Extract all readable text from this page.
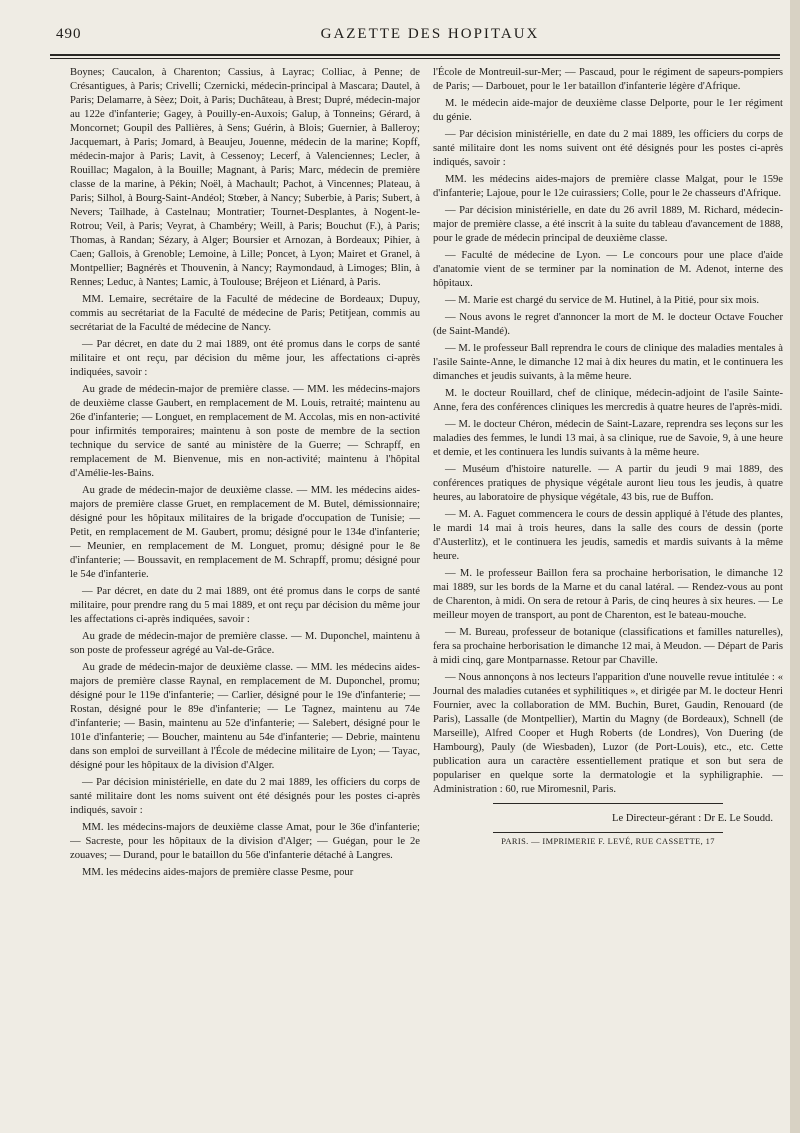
490	GAZETTE DES HOPITAUX

Boynes; Caucalon, à Charenton; Cassius, à Layrac; Colliac, à Penne; de Crésantigues, à Paris; Crivelli; Czernicki, médecin-principal à Mascara; Dautel, à Paris; Delamarre, à Sèez; Doit, à Paris; Duchâteau, à Brest; Dupré, médecin-major au 122e d'infanterie; Gagey, à Pouilly-en-Auxois; Galup, à Tonneins; Gérard, à Moncornet; Goupil des Pallières, à Sens; Guérin, à Blois; Guernier, à Balleroy; Jacquemart, à Paris; Jomard, à Beaujeu, Jouenne, médecin de la marine; Kopff, médecin-major à Paris; Lavit, à Cessenoy; Lecerf, à Valenciennes; Lecler, à Rouillac; Magalon, à la Bouille; Magnant, à Paris; Marc, médecin de première classe de la marine, à Pékin; Noël, à Machault; Pachot, à Vincennes; Plateau, à Paris; Silhol, à Bourg-Saint-Andéol; Stœber, à Nancy; Suberbie, à Paris; Subert, à Nevers; Tailhade, à Castelnau; Montratier; Tournet-Desplantes, à Nogent-le-Rotrou; Veil, à Paris; Veyrat, à Chambéry; Weill, à Paris; Bouchut (F.), à Paris; Thomas, à Randan; Sézary, à Alger; Boursier et Arnozan, à Bordeaux; Pihier, à Caen; Gallois, à Grenoble; Lemoine, à Lille; Poncet, à Lyon; Mairet et Granel, à Montpellier; Bagnérès et Thouvenin, à Nancy; Raymondaud, à Limoges; Blin, à Rennes; Leduc, à Nantes; Lamic, à Toulouse; Bréjeon et Liénard, à Paris.

MM. Lemaire, secrétaire de la Faculté de médecine de Bordeaux; Dupuy, commis au secrétariat de la Faculté de médecine de Paris; Petitjean, commis au secrétariat de la Faculté de médecine de Nancy.

— Par décret, en date du 2 mai 1889, ont été promus dans le corps de santé militaire et ont reçu, par décision du même jour, les affectations ci-après indiquées, savoir :

Au grade de médecin-major de première classe. — MM. les médecins-majors de deuxième classe Gaubert, en remplacement de M. Louis, retraité; maintenu au 26e d'infanterie; — Longuet, en remplacement de M. Accolas, mis en non-activité pour infirmités temporaires; maintenu à son poste de membre de la section technique du service de santé au ministère de la Guerre; — Schrapff, en remplacement de M. Bienvenue, mis en non-activité; maintenu à l'hôpital d'Amélie-les-Bains.

Au grade de médecin-major de deuxième classe. — MM. les médecins aides-majors de première classe Gruet, en remplacement de M. Butel, démissionnaire; désigné pour les hôpitaux militaires de la brigade d'occupation de Tunisie; — Petit, en remplacement de M. Gaubert, promu; désigné pour le 134e d'infanterie; — Meunier, en remplacement de M. Longuet, promu; désigné pour le 8e d'infanterie; — Boussavit, en remplacement de M. Schrapff, promu; désigné pour le 54e d'infanterie.

— Par décret, en date du 2 mai 1889, ont été promus dans le corps de santé militaire, pour prendre rang du 5 mai 1889, et ont reçu par décision du même jour les affectations ci-après indiquées, savoir :

Au grade de médecin-major de première classe. — M. Duponchel, maintenu à son poste de professeur agrégé au Val-de-Grâce.

Au grade de médecin-major de deuxième classe. — MM. les médecins aides-majors de première classe Raynal, en remplacement de M. Duponchel, promu; désigné pour le 119e d'infanterie; — Carlier, désigné pour le 19e d'infanterie; — Rostan, désigné pour le 89e d'infanterie; — Le Tagnez, maintenu au 74e d'infanterie; — Basin, maintenu au 52e d'infanterie; — Salebert, désigné pour le 101e d'infanterie; — Boucher, maintenu au 54e d'infanterie; — Debrie, maintenu dans son emploi de surveillant à l'École de médecine militaire de Lyon; — Tayac, désigné pour les hôpitaux de la division d'Alger.

— Par décision ministérielle, en date du 2 mai 1889, les officiers du corps de santé militaire dont les noms suivent ont été désignés pour les postes ci-après indiqués, savoir :

MM. les médecins-majors de deuxième classe Amat, pour le 36e d'infanterie; — Sacreste, pour les hôpitaux de la division d'Alger; — Guégan, pour le 2e zouaves; — Durand, pour le bataillon du 56e d'infanterie détaché à Langres.

MM. les médecins aides-majors de première classe Pesme, pour

l'École de Montreuil-sur-Mer; — Pascaud, pour le régiment de sapeurs-pompiers de Paris; — Darbouet, pour le 1er bataillon d'infanterie légère d'Afrique.

M. le médecin aide-major de deuxième classe Delporte, pour le 1er régiment du génie.

— Par décision ministérielle, en date du 2 mai 1889, les officiers du corps de santé militaire dont les noms suivent ont été désignés pour les postes ci-après indiqués, savoir :

MM. les médecins aides-majors de première classe Malgat, pour le 159e d'infanterie; Lajoue, pour le 12e cuirassiers; Colle, pour le 2e chasseurs d'Afrique.

— Par décision ministérielle, en date du 26 avril 1889, M. Richard, médecin-major de première classe, a été inscrit à la suite du tableau d'avancement de 1888, pour le grade de médecin principal de deuxième classe.

— Faculté de médecine de Lyon. — Le concours pour une place d'aide d'anatomie vient de se terminer par la nomination de M. Adenot, interne des hôpitaux.

— M. Marie est chargé du service de M. Hutinel, à la Pitié, pour six mois.

— Nous avons le regret d'annoncer la mort de M. le docteur Octave Foucher (de Saint-Mandé).

— M. le professeur Ball reprendra le cours de clinique des maladies mentales à l'asile Sainte-Anne, le dimanche 12 mai à dix heures du matin, et le continuera les dimanches et jeudis suivants, à la même heure.

M. le docteur Rouillard, chef de clinique, médecin-adjoint de l'asile Sainte-Anne, fera des conférences cliniques les mercredis à quatre heures de l'après-midi.

— M. le docteur Chéron, médecin de Saint-Lazare, reprendra ses leçons sur les maladies des femmes, le lundi 13 mai, à sa clinique, rue de Savoie, 9, à une heure et demie, et les continuera les lundis suivants à la même heure.

— Muséum d'histoire naturelle. — A partir du jeudi 9 mai 1889, des conférences pratiques de physique végétale auront lieu tous les jeudis, à quatre heures, au laboratoire de physique végétale, 43 bis, rue de Buffon.

— M. A. Faguet commencera le cours de dessin appliqué à l'étude des plantes, le mardi 14 mai à trois heures, dans la salle des cours de dessin (porte d'Austerlitz), et le continuera les jeudis, samedis et mardis suivants à la même heure.

— M. le professeur Baillon fera sa prochaine herborisation, le dimanche 12 mai 1889, sur les bords de la Marne et du canal latéral. — Rendez-vous au pont de Charenton, à midi. On sera de retour à Paris, de cinq heures à six heures. — Le meilleur moyen de transport, au pont de Charenton, est le bateau-mouche.

— M. Bureau, professeur de botanique (classifications et familles naturelles), fera sa prochaine herborisation le dimanche 12 mai, à Meudon. — Départ de Paris à midi cinq, gare Montparnasse. Retour par Chaville.

— Nous annonçons à nos lecteurs l'apparition d'une nouvelle revue intitulée : « Journal des maladies cutanées et syphilitiques », et dirigée par M. le docteur Henri Fournier, avec la collaboration de MM. Buchin, Buret, Gaudin, Renouard (de Paris), Lassalle (de Montpellier), Martin du Magny (de Bordeaux), Schnell (de Marseille), Alfred Cooper et Hugh Roberts (de Londres), Von Duering (de Hambourg), Pauly (de Wiesbaden), Luzor (de Port-Louis), etc., etc. Cette publication aura un caractère essentiellement pratique et son but sera de populariser en quelque sorte la dermatologie et la syphiligraphie. — Administration : 60, rue Miromesnil, Paris.

Le Directeur-gérant : Dr E. Le Soudd.
PARIS. — IMPRIMERIE F. LEVÉ, RUE CASSETTE, 17
